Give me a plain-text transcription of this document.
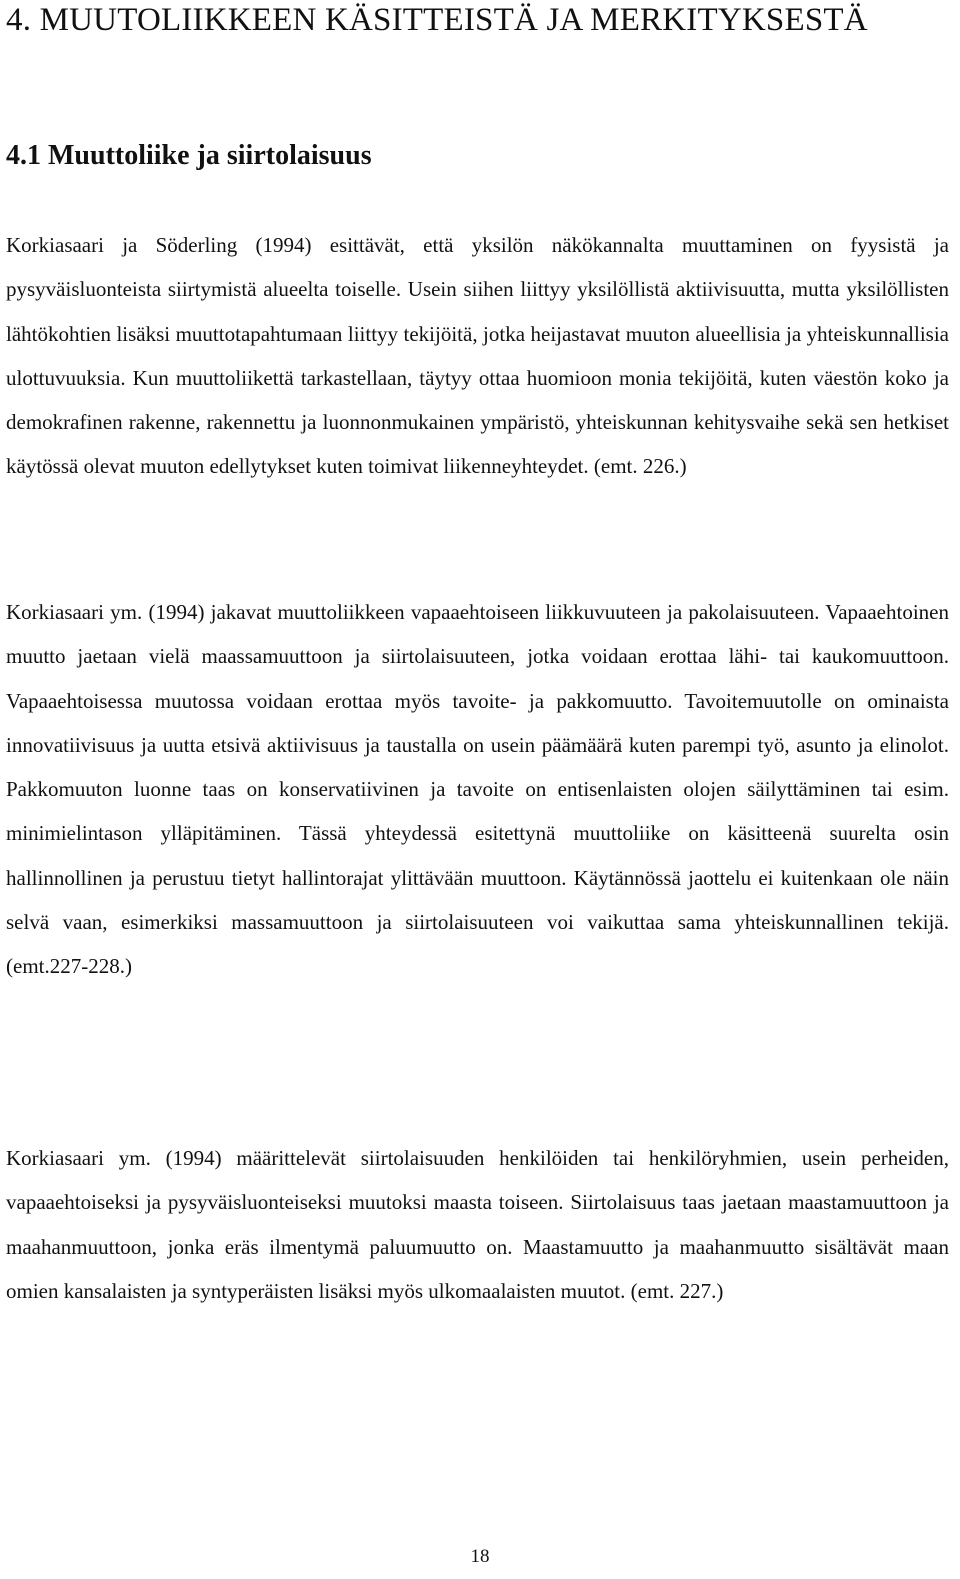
4. MUUTOLIIKKEEN KÄSITTEISTÄ JA MERKITYKSESTÄ
4.1 Muuttoliike ja siirtolaisuus

Korkiasaari ja Söderling (1994) esittävät, että yksilön näkökannalta muuttaminen on fyysistä ja pysyväisluonteista siirtymistä alueelta toiselle. Usein siihen liittyy yksilöllistä aktiivisuutta, mutta yksilöllisten lähtökohtien lisäksi muuttotapahtumaan liittyy tekijöitä, jotka heijastavat muuton alueellisia ja yhteiskunnallisia ulottuvuuksia. Kun muuttoliikettä tarkastellaan, täytyy ottaa huomioon monia tekijöitä, kuten väestön koko ja demokrafinen rakenne, rakennettu ja luonnonmukainen ympäristö, yhteiskunnan kehitysvaihe sekä sen hetkiset käytössä olevat muuton edellytykset kuten toimivat liikenneyhteydet. (emt. 226.)

Korkiasaari ym. (1994) jakavat muuttoliikkeen vapaaehtoiseen liikkuvuuteen ja pakolaisuuteen. Vapaaehtoinen muutto jaetaan vielä maassamuuttoon ja siirtolaisuuteen, jotka voidaan erottaa lähi- tai kaukomuuttoon. Vapaaehtoisessa muutossa voidaan erottaa myös tavoite- ja pakkomuutto. Tavoitemuutolle on ominaista innovatiivisuus ja uutta etsivä aktiivisuus ja taustalla on usein päämäärä kuten parempi työ, asunto ja elinolot. Pakkomuuton luonne taas on konservatiivinen ja tavoite on entisenlaisten olojen säilyttäminen tai esim. minimielintason ylläpitäminen. Tässä yhteydessä esitettynä muuttoliike on käsitteenä suurelta osin hallinnollinen ja perustuu tietyt hallintorajat ylittävään muuttoon. Käytännössä jaottelu ei kuitenkaan ole näin selvä vaan, esimerkiksi massamuuttoon ja siirtolaisuuteen voi vaikuttaa sama yhteiskunnallinen tekijä. (emt.227-228.)

Korkiasaari ym. (1994) määrittelevät siirtolaisuuden henkilöiden tai henkilöryhmien, usein perheiden, vapaaehtoiseksi ja pysyväisluonteiseksi muutoksi maasta toiseen. Siirtolaisuus taas jaetaan maastamuuttoon ja maahanmuuttoon, jonka eräs ilmentymä paluumuutto on. Maastamuutto ja maahanmuutto sisältävät maan omien kansalaisten ja syntyperäisten lisäksi myös ulkomaalaisten muutot. (emt. 227.)

18
